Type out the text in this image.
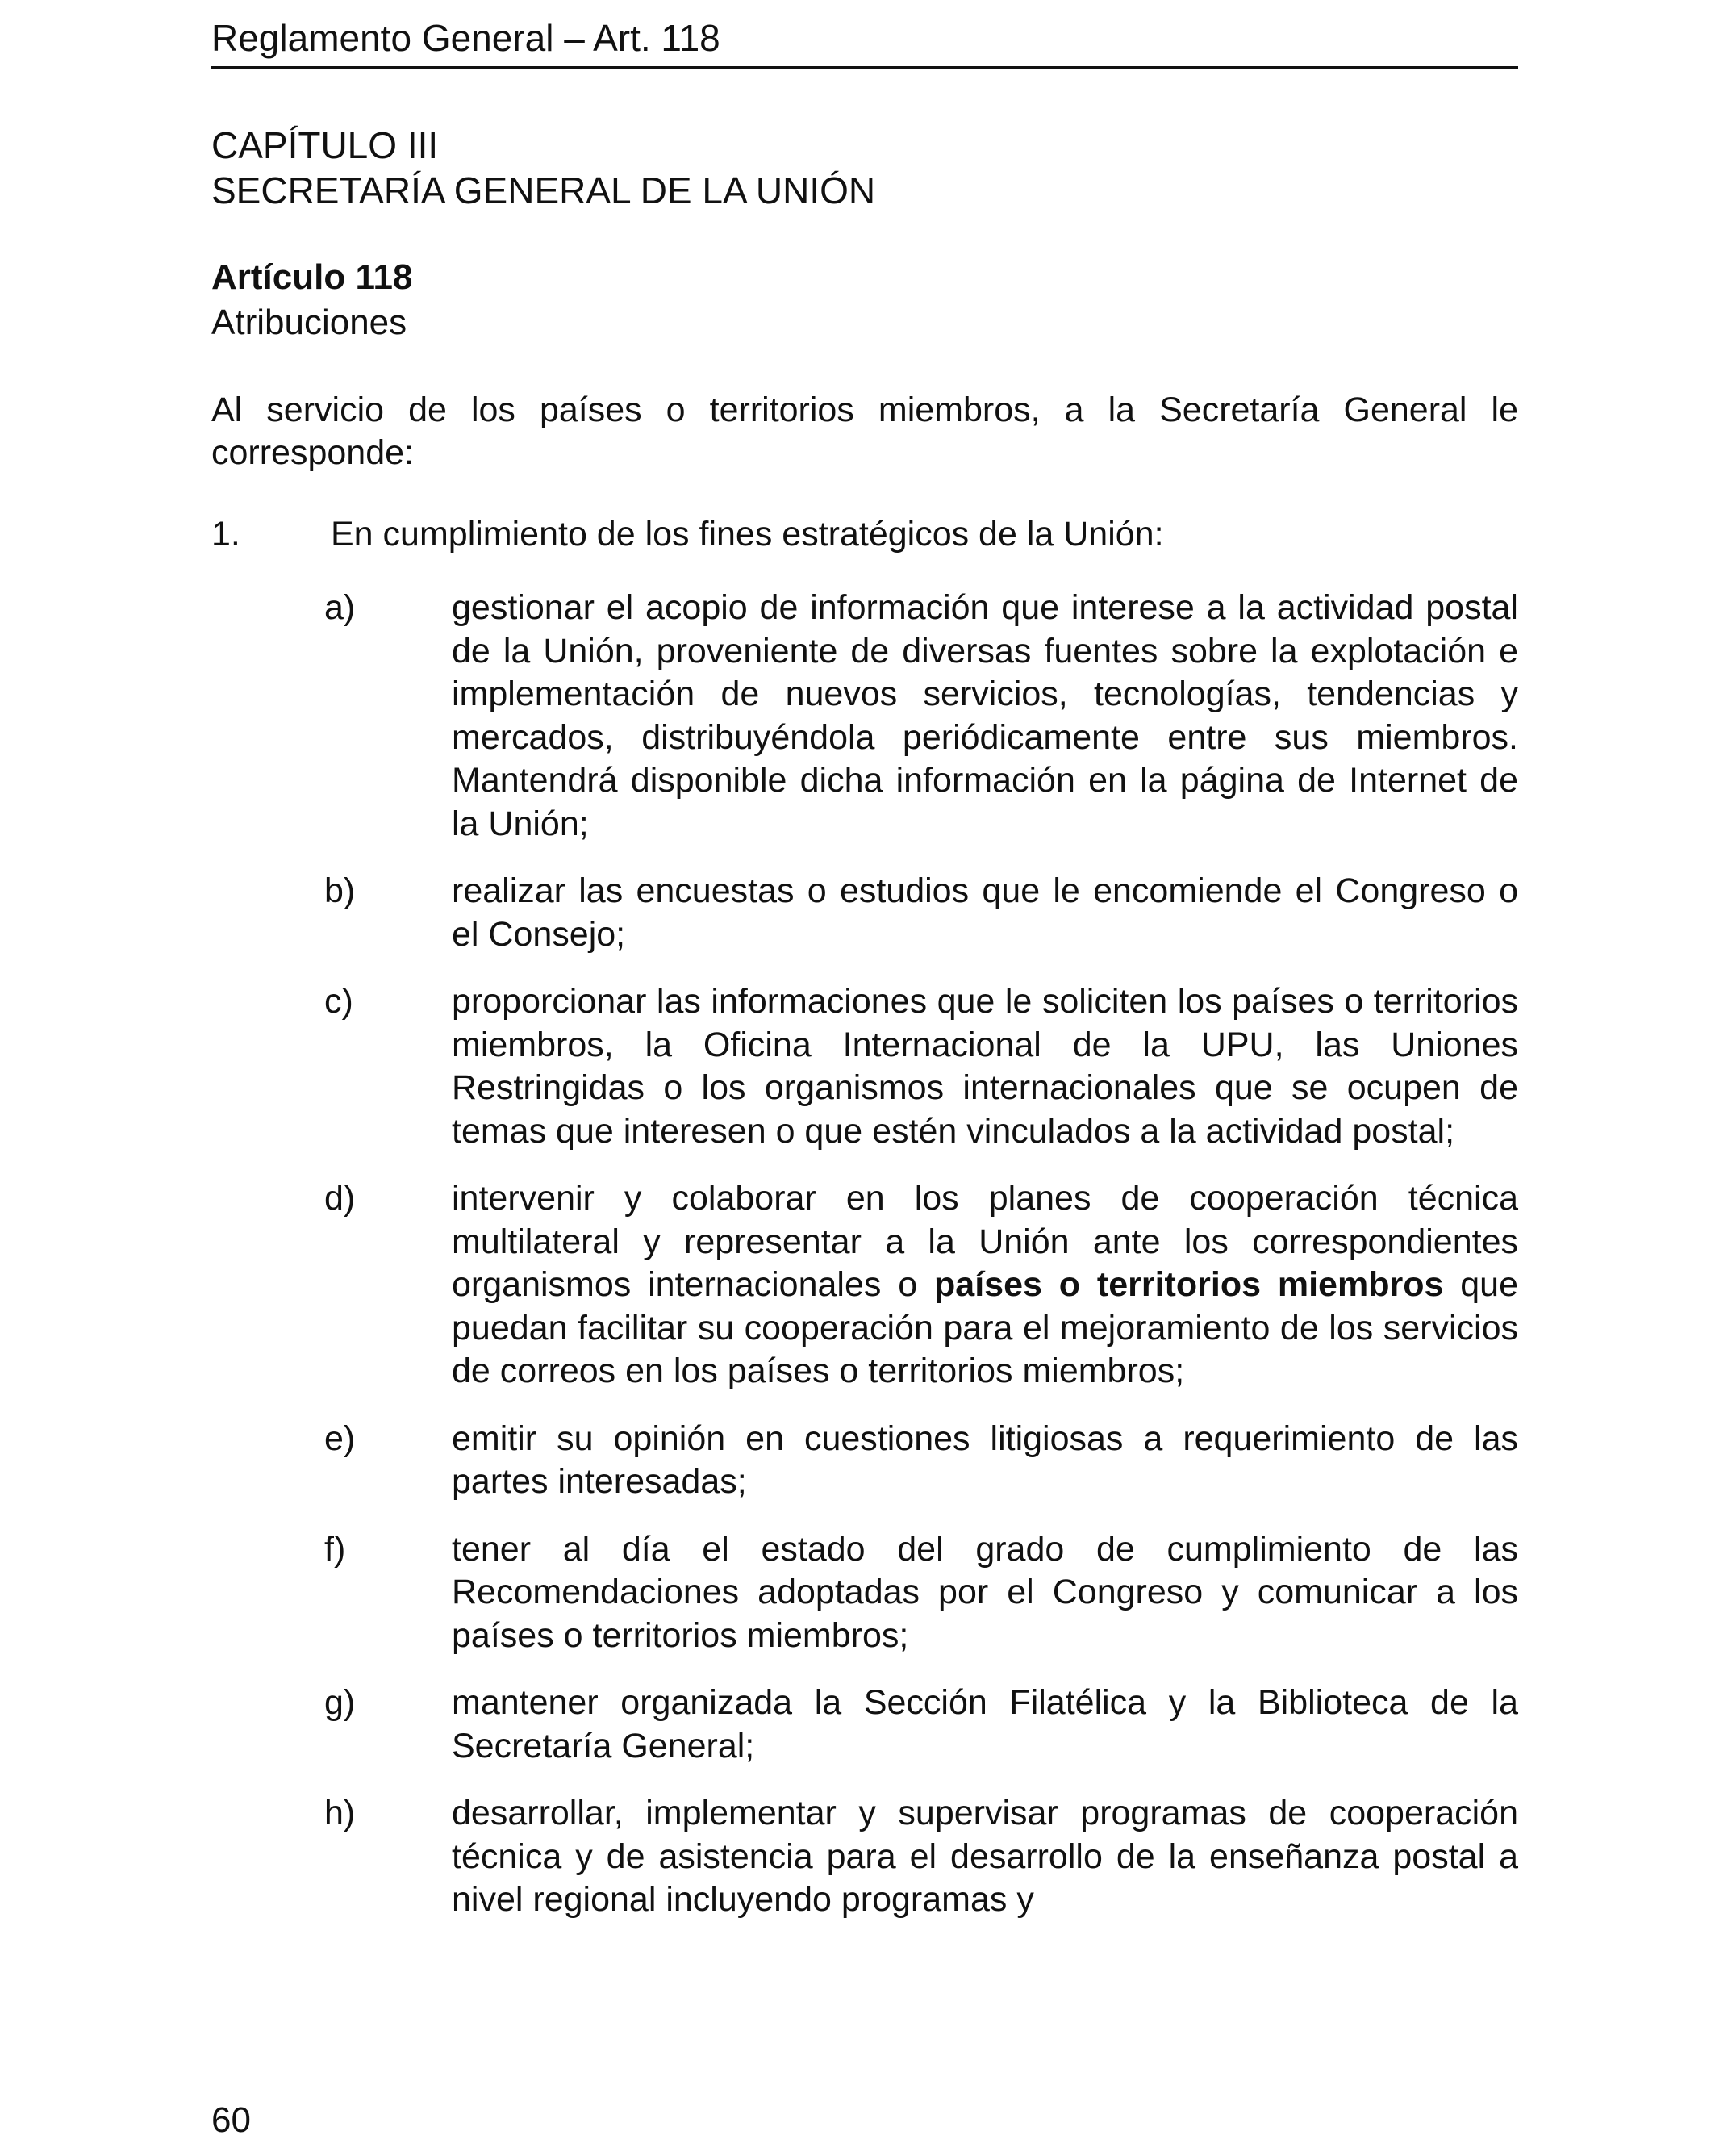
Reglamento General – Art. 118
CAPÍTULO III
SECRETARÍA GENERAL DE LA UNIÓN
Artículo 118
Atribuciones
Al servicio de los países o territorios miembros, a la Secretaría General le corresponde:
1.	En cumplimiento de los fines estratégicos de la Unión:
a)	gestionar el acopio de información que interese a la actividad postal de la Unión, proveniente de diversas fuentes sobre la explotación e implementación de nuevos servicios, tecnologías, tendencias y mercados, distribuyéndola periódicamente entre sus miembros. Mantendrá disponible dicha información en la página de Internet de la Unión;
b)	realizar las encuestas o estudios que le encomiende el Congreso o el Consejo;
c)	proporcionar las informaciones que le soliciten los países o territorios miembros, la Oficina Internacional de la UPU, las Uniones Restringidas o los organismos internacionales que se ocupen de temas que interesen o que estén vinculados a la actividad postal;
d)	intervenir y colaborar en los planes de cooperación técnica multilateral y representar a la Unión ante los correspondientes organismos internacionales o países o territorios miembros que puedan facilitar su cooperación para el mejoramiento de los servicios de correos en los países o territorios miembros;
e)	emitir su opinión en cuestiones litigiosas a requerimiento de las partes interesadas;
f)	tener al día el estado del grado de cumplimiento de las Recomendaciones adoptadas por el Congreso y comunicar a los países o territorios miembros;
g)	mantener organizada la Sección Filatélica y la Biblioteca de la Secretaría General;
h)	desarrollar, implementar y supervisar programas de cooperación técnica y de asistencia para el desarrollo de la enseñanza postal a nivel regional incluyendo programas y
60
